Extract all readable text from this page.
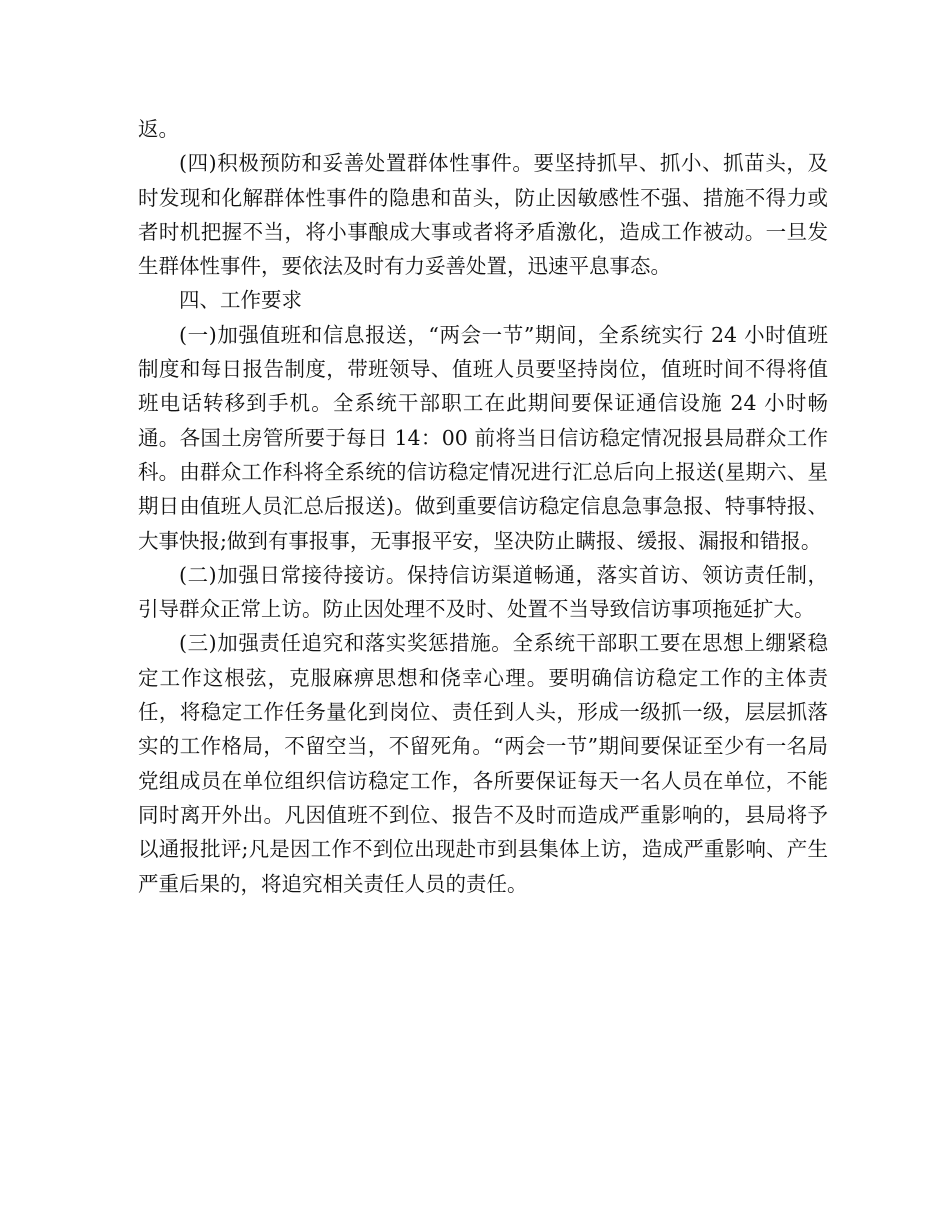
返。

(四)积极预防和妥善处置群体性事件。要坚持抓早、抓小、抓苗头，及时发现和化解群体性事件的隐患和苗头，防止因敏感性不强、措施不得力或者时机把握不当，将小事酿成大事或者将矛盾激化，造成工作被动。一旦发生群体性事件，要依法及时有力妥善处置，迅速平息事态。

四、工作要求

(一)加强值班和信息报送，“两会一节”期间，全系统实行 24 小时值班制度和每日报告制度，带班领导、值班人员要坚持岗位，值班时间不得将值班电话转移到手机。全系统干部职工在此期间要保证通信设施 24 小时畅通。各国土房管所要于每日 14：00 前将当日信访稳定情况报县局群众工作科。由群众工作科将全系统的信访稳定情况进行汇总后向上报送(星期六、星期日由值班人员汇总后报送)。做到重要信访稳定信息急事急报、特事特报、大事快报;做到有事报事，无事报平安，坚决防止瞒报、缓报、漏报和错报。

(二)加强日常接待接访。保持信访渠道畅通，落实首访、领访责任制，引导群众正常上访。防止因处理不及时、处置不当导致信访事项拖延扩大。

(三)加强责任追究和落实奖惩措施。全系统干部职工要在思想上绷紧稳定工作这根弦，克服麻痹思想和侥幸心理。要明确信访稳定工作的主体责任，将稳定工作任务量化到岗位、责任到人头，形成一级抓一级，层层抓落实的工作格局，不留空当，不留死角。“两会一节”期间要保证至少有一名局党组成员在单位组织信访稳定工作，各所要保证每天一名人员在单位，不能同时离开外出。凡因值班不到位、报告不及时而造成严重影响的，县局将予以通报批评;凡是因工作不到位出现赴市到县集体上访，造成严重影响、产生严重后果的，将追究相关责任人员的责任。
